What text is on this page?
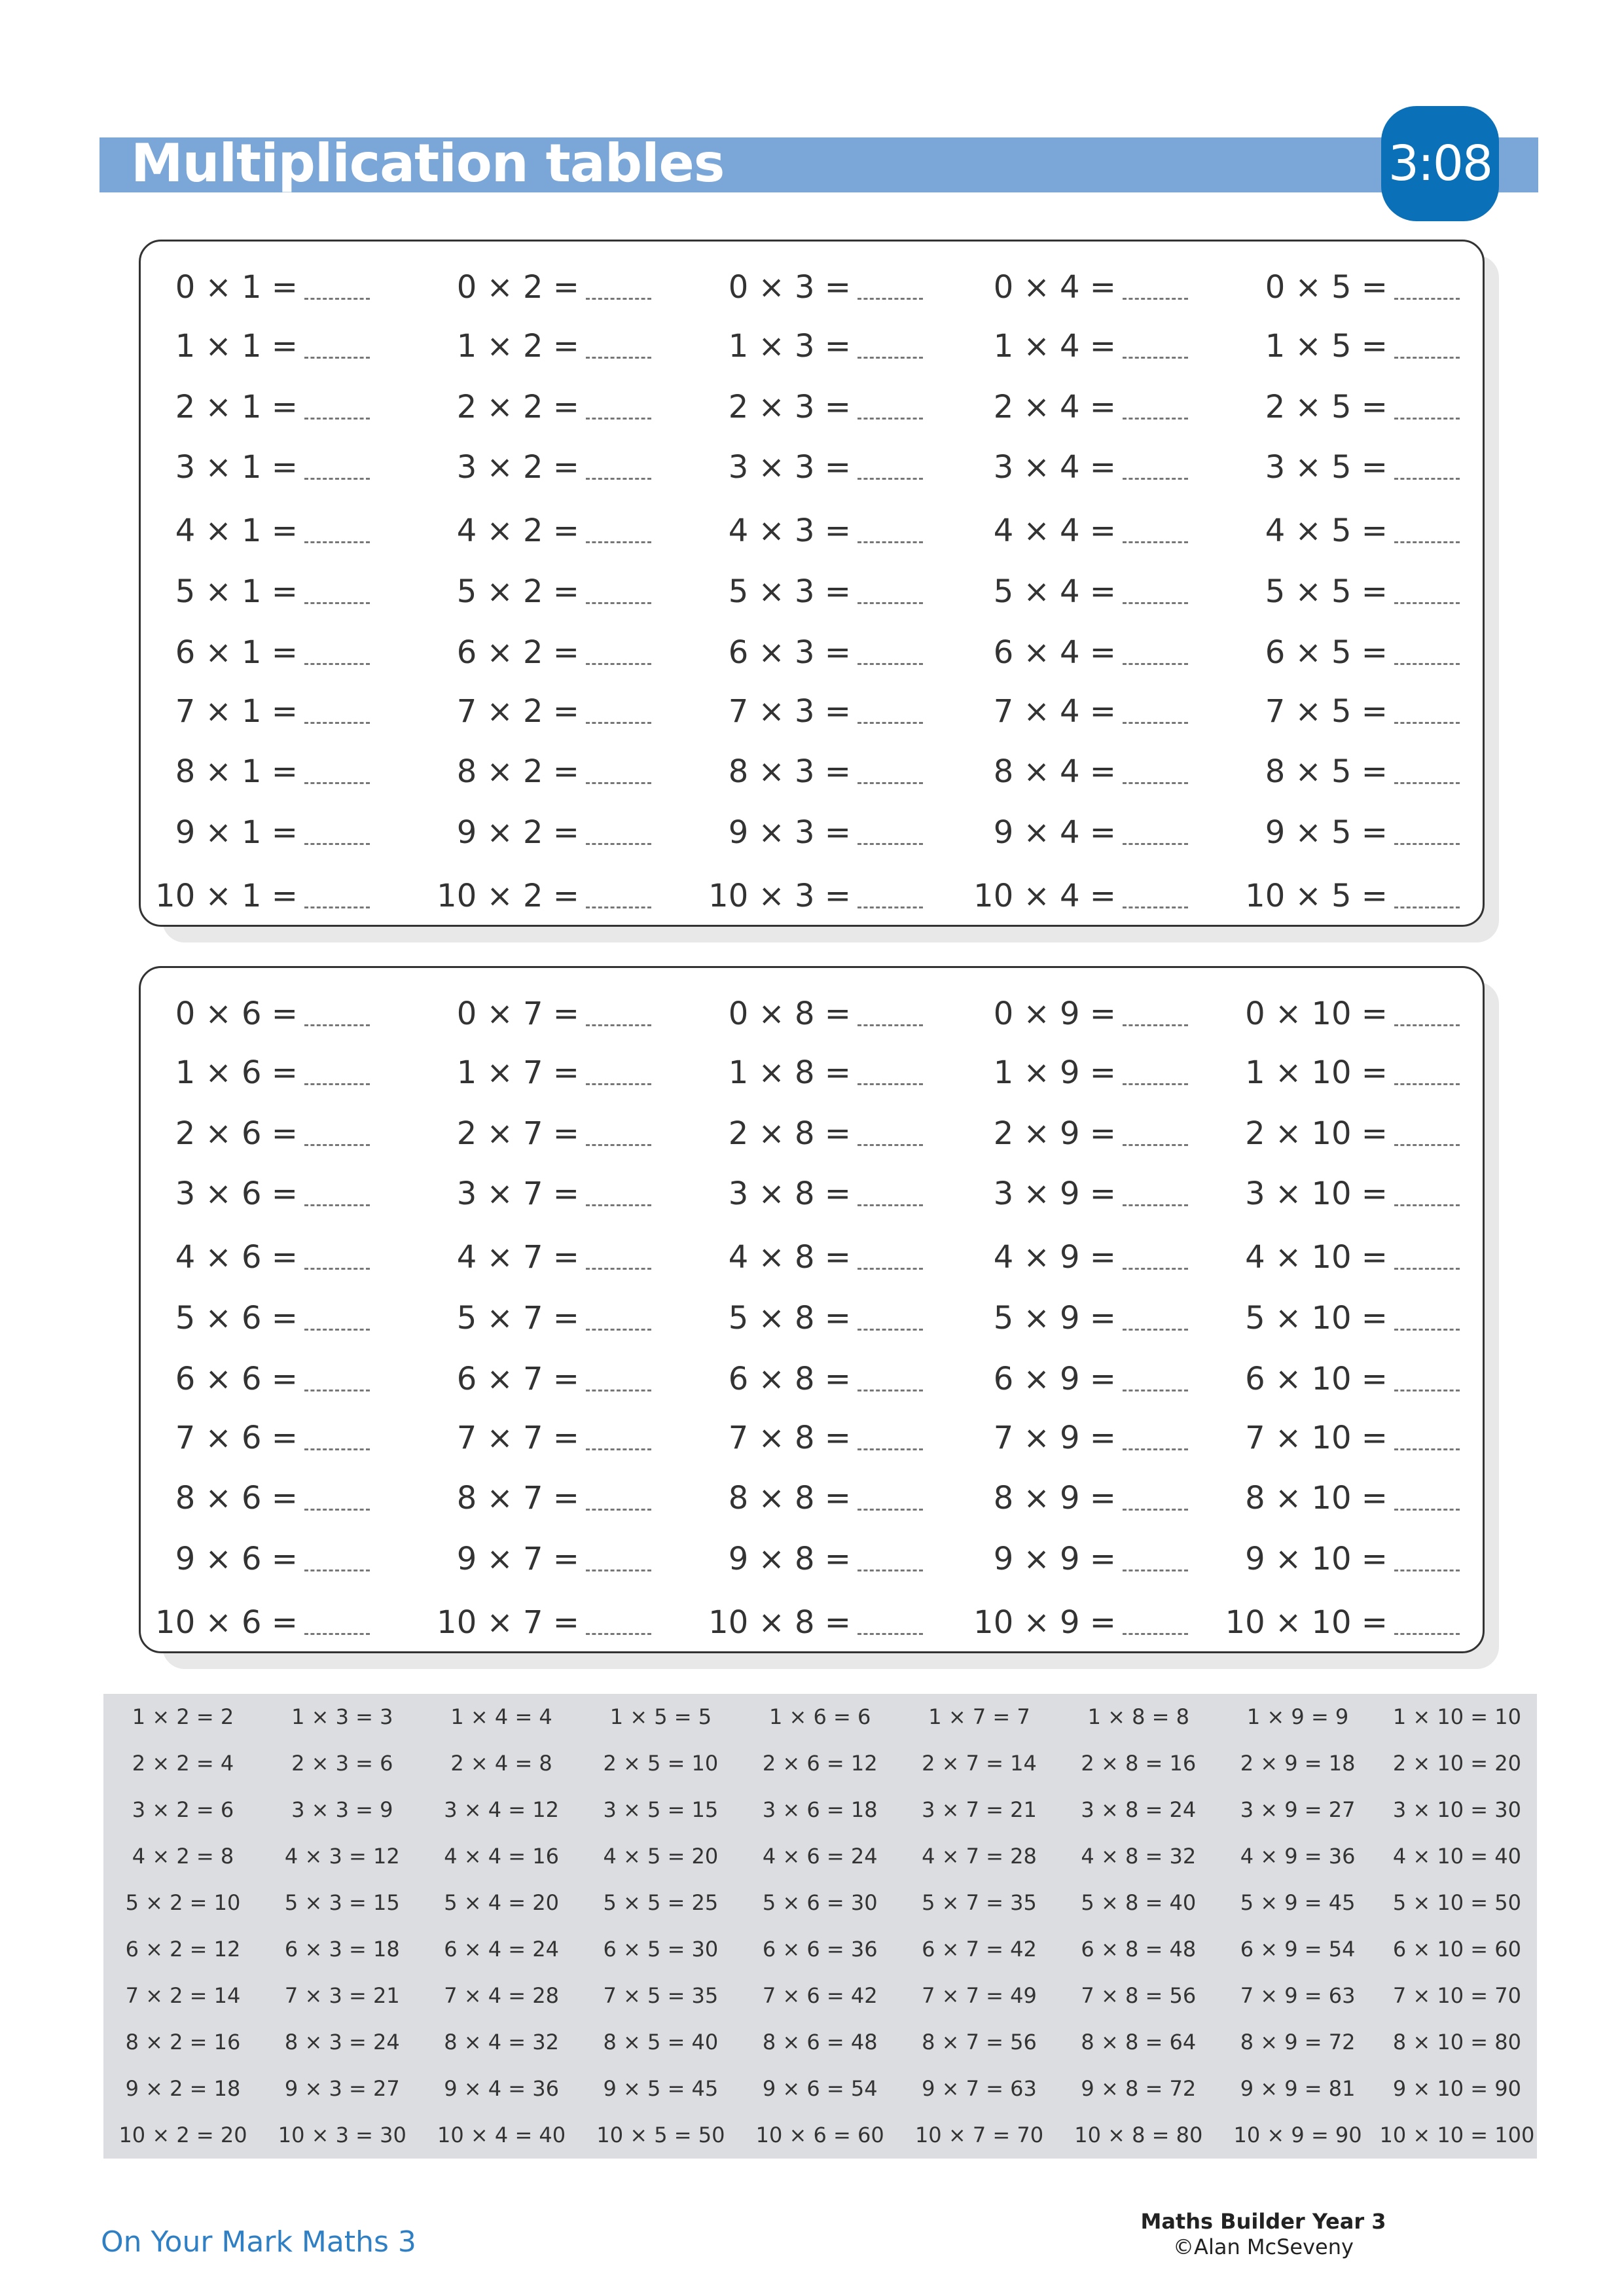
Multiplication tables	3:08
0 × 1 =
1 × 1 =
2 × 1 =
3 × 1 =
4 × 1 =
5 × 1 =
6 × 1 =
7 × 1 =
8 × 1 =
9 × 1 =
10 × 1 =
0 × 2 =
1 × 2 =
2 × 2 =
3 × 2 =
4 × 2 =
5 × 2 =
6 × 2 =
7 × 2 =
8 × 2 =
9 × 2 =
10 × 2 =
0 × 3 =
1 × 3 =
2 × 3 =
3 × 3 =
4 × 3 =
5 × 3 =
6 × 3 =
7 × 3 =
8 × 3 =
9 × 3 =
10 × 3 =
0 × 4 =
1 × 4 =
2 × 4 =
3 × 4 =
4 × 4 =
5 × 4 =
6 × 4 =
7 × 4 =
8 × 4 =
9 × 4 =
10 × 4 =
0 × 5 =
1 × 5 =
2 × 5 =
3 × 5 =
4 × 5 =
5 × 5 =
6 × 5 =
7 × 5 =
8 × 5 =
9 × 5 =
10 × 5 =
0 × 6 =
1 × 6 =
2 × 6 =
3 × 6 =
4 × 6 =
5 × 6 =
6 × 6 =
7 × 6 =
8 × 6 =
9 × 6 =
10 × 6 =
0 × 7 =
1 × 7 =
2 × 7 =
3 × 7 =
4 × 7 =
5 × 7 =
6 × 7 =
7 × 7 =
8 × 7 =
9 × 7 =
10 × 7 =
0 × 8 =
1 × 8 =
2 × 8 =
3 × 8 =
4 × 8 =
5 × 8 =
6 × 8 =
7 × 8 =
8 × 8 =
9 × 8 =
10 × 8 =
0 × 9 =
1 × 9 =
2 × 9 =
3 × 9 =
4 × 9 =
5 × 9 =
6 × 9 =
7 × 9 =
8 × 9 =
9 × 9 =
10 × 9 =
0 × 10 =
1 × 10 =
2 × 10 =
3 × 10 =
4 × 10 =
5 × 10 =
6 × 10 =
7 × 10 =
8 × 10 =
9 × 10 =
10 × 10 =
1 × 2 = 2
2 × 2 = 4
3 × 2 = 6
4 × 2 = 8
5 × 2 = 10
6 × 2 = 12
7 × 2 = 14
8 × 2 = 16
9 × 2 = 18
10 × 2 = 20
1 × 3 = 3
2 × 3 = 6
3 × 3 = 9
4 × 3 = 12
5 × 3 = 15
6 × 3 = 18
7 × 3 = 21
8 × 3 = 24
9 × 3 = 27
10 × 3 = 30
1 × 4 = 4
2 × 4 = 8
3 × 4 = 12
4 × 4 = 16
5 × 4 = 20
6 × 4 = 24
7 × 4 = 28
8 × 4 = 32
9 × 4 = 36
10 × 4 = 40
1 × 5 = 5
2 × 5 = 10
3 × 5 = 15
4 × 5 = 20
5 × 5 = 25
6 × 5 = 30
7 × 5 = 35
8 × 5 = 40
9 × 5 = 45
10 × 5 = 50
1 × 6 = 6
2 × 6 = 12
3 × 6 = 18
4 × 6 = 24
5 × 6 = 30
6 × 6 = 36
7 × 6 = 42
8 × 6 = 48
9 × 6 = 54
10 × 6 = 60
1 × 7 = 7
2 × 7 = 14
3 × 7 = 21
4 × 7 = 28
5 × 7 = 35
6 × 7 = 42
7 × 7 = 49
8 × 7 = 56
9 × 7 = 63
10 × 7 = 70
1 × 8 = 8
2 × 8 = 16
3 × 8 = 24
4 × 8 = 32
5 × 8 = 40
6 × 8 = 48
7 × 8 = 56
8 × 8 = 64
9 × 8 = 72
10 × 8 = 80
1 × 9 = 9
2 × 9 = 18
3 × 9 = 27
4 × 9 = 36
5 × 9 = 45
6 × 9 = 54
7 × 9 = 63
8 × 9 = 72
9 × 9 = 81
10 × 9 = 90
1 × 10 = 10
2 × 10 = 20
3 × 10 = 30
4 × 10 = 40
5 × 10 = 50
6 × 10 = 60
7 × 10 = 70
8 × 10 = 80
9 × 10 = 90
10 × 10 = 100
On Your Mark Maths 3
Maths Builder Year 3
©Alan McSeveny
